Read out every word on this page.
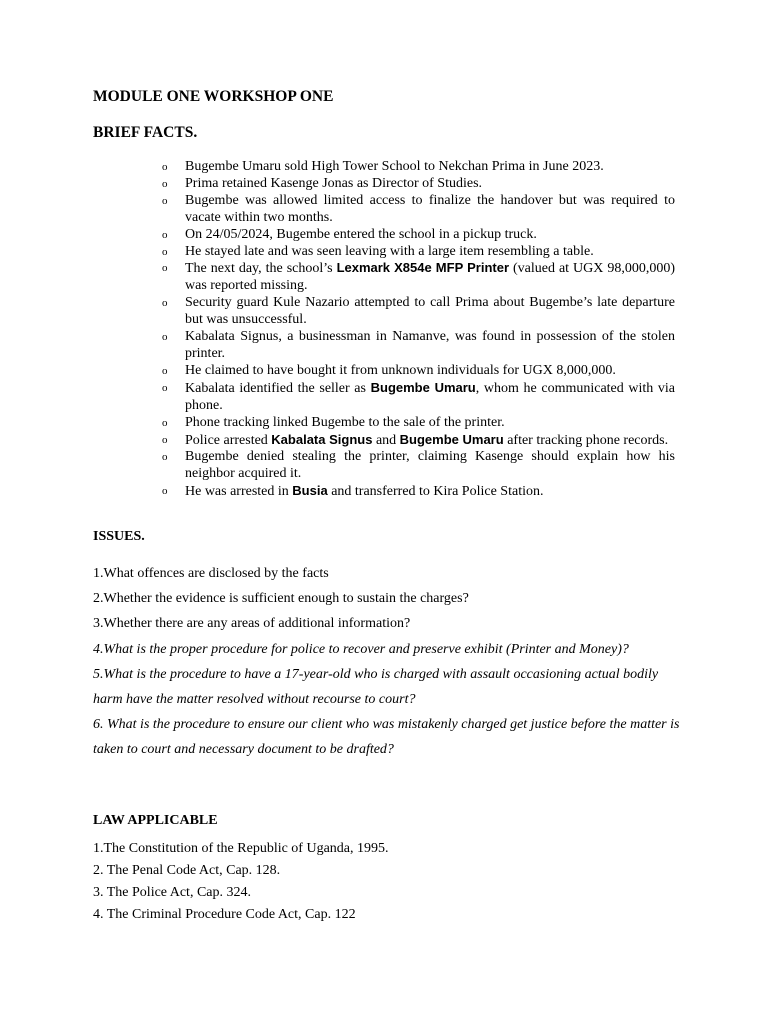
MODULE ONE WORKSHOP ONE
BRIEF FACTS.
o	Bugembe Umaru sold High Tower School to Nekchan Prima in June 2023.
o	Prima retained Kasenge Jonas as Director of Studies.
o	Bugembe was allowed limited access to finalize the handover but was required to vacate within two months.
o	On 24/05/2024, Bugembe entered the school in a pickup truck.
o	He stayed late and was seen leaving with a large item resembling a table.
o	The next day, the school’s Lexmark X854e MFP Printer (valued at UGX 98,000,000) was reported missing.
o	Security guard Kule Nazario attempted to call Prima about Bugembe’s late departure but was unsuccessful.
o	Kabalata Signus, a businessman in Namanve, was found in possession of the stolen printer.
o	He claimed to have bought it from unknown individuals for UGX 8,000,000.
o	Kabalata identified the seller as Bugembe Umaru, whom he communicated with via phone.
o	Phone tracking linked Bugembe to the sale of the printer.
o	Police arrested Kabalata Signus and Bugembe Umaru after tracking phone records.
o	Bugembe denied stealing the printer, claiming Kasenge should explain how his neighbor acquired it.
o	He was arrested in Busia and transferred to Kira Police Station.
ISSUES.
1.What offences are disclosed by the facts
2.Whether the evidence is sufficient enough to sustain the charges?
3.Whether there are any areas of additional information?
4.What is the proper procedure for police to recover and preserve exhibit (Printer and Money)?
5.What is the procedure to have a 17-year-old who is charged with assault occasioning actual bodily harm have the matter resolved without recourse to court?
6. What is the procedure to ensure our client who was mistakenly charged get justice before the matter is taken to court and necessary document to be drafted?
LAW APPLICABLE
1.The Constitution of the Republic of Uganda, 1995.
2. The Penal Code Act, Cap. 128.
3. The Police Act, Cap. 324.
4. The Criminal Procedure Code Act, Cap. 122
